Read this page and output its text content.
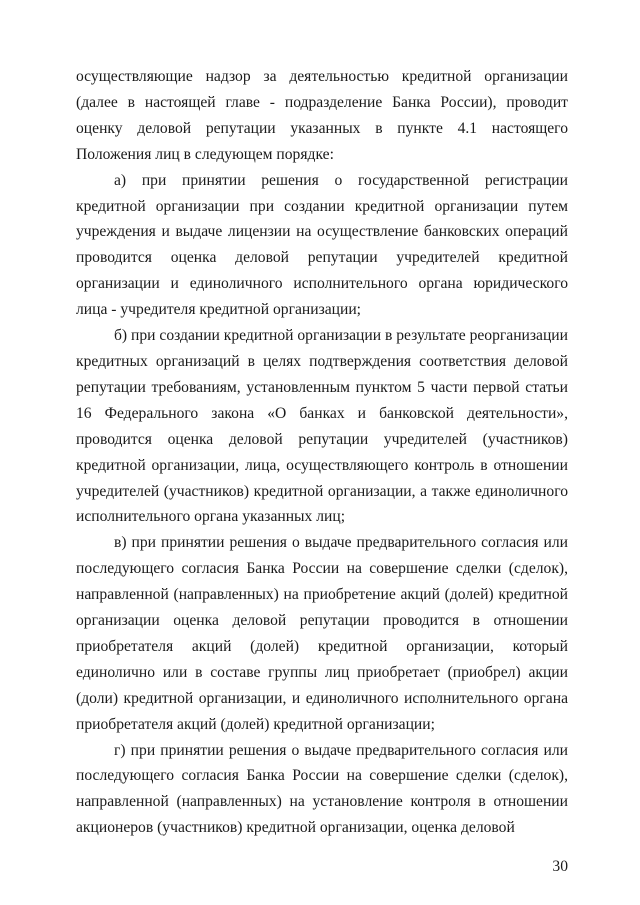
осуществляющие надзор за деятельностью кредитной организации (далее в настоящей главе - подразделение Банка России), проводит оценку деловой репутации указанных в пункте 4.1 настоящего Положения лиц в следующем порядке:

а) при принятии решения о государственной регистрации кредитной организации при создании кредитной организации путем учреждения и выдаче лицензии на осуществление банковских операций проводится оценка деловой репутации учредителей кредитной организации и единоличного исполнительного органа юридического лица - учредителя кредитной организации;

б) при создании кредитной организации в результате реорганизации кредитных организаций в целях подтверждения соответствия деловой репутации требованиям, установленным пунктом 5 части первой статьи 16 Федерального закона «О банках и банковской деятельности», проводится оценка деловой репутации учредителей (участников) кредитной организации, лица, осуществляющего контроль в отношении учредителей (участников) кредитной организации, а также единоличного исполнительного органа указанных лиц;

в) при принятии решения о выдаче предварительного согласия или последующего согласия Банка России на совершение сделки (сделок), направленной (направленных) на приобретение акций (долей) кредитной организации оценка деловой репутации проводится в отношении приобретателя акций (долей) кредитной организации, который единолично или в составе группы лиц приобретает (приобрел) акции (доли) кредитной организации, и единоличного исполнительного органа приобретателя акций (долей) кредитной организации;

г) при принятии решения о выдаче предварительного согласия или последующего согласия Банка России на совершение сделки (сделок), направленной (направленных) на установление контроля в отношении акционеров (участников) кредитной организации, оценка деловой

30
